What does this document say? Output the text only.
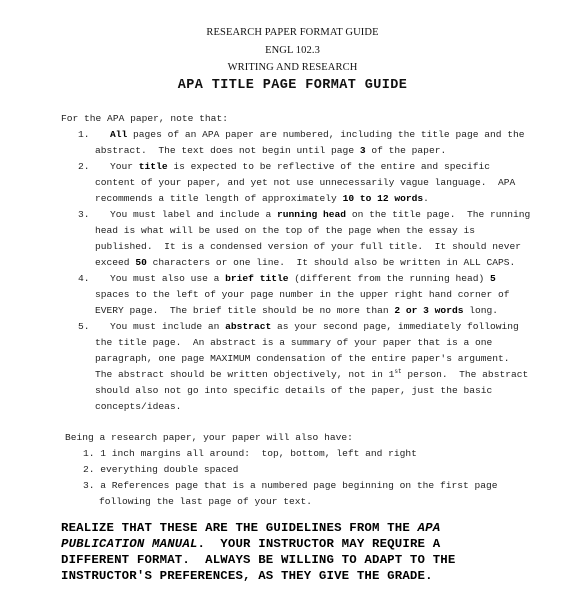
RESEARCH PAPER FORMAT GUIDE
ENGL 102.3
WRITING AND RESEARCH
APA TITLE PAGE FORMAT GUIDE
For the APA paper, note that:
1. All pages of an APA paper are numbered, including the title page and the
abstract.  The text does not begin until page 3 of the paper.
2. Your title is expected to be reflective of the entire and specific
content of your paper, and yet not use unnecessarily vague language.  APA
recommends a title length of approximately 10 to 12 words.
3. You must label and include a running head on the title page.  The running
head is what will be used on the top of the page when the essay is
published.  It is a condensed version of your full title.  It should never
exceed 50 characters or one line.  It should also be written in ALL CAPS.
4. You must also use a brief title (different from the running head) 5
spaces to the left of your page number in the upper right hand corner of
EVERY page.  The brief title should be no more than 2 or 3 words long.
5. You must include an abstract as your second page, immediately following
the title page.  An abstract is a summary of your paper that is a one
paragraph, one page MAXIMUM condensation of the entire paper's argument.
The abstract should be written objectively, not in 1st person.  The abstract
should also not go into specific details of the paper, just the basic
concepts/ideas.
Being a research paper, your paper will also have:
1. 1 inch margins all around:  top, bottom, left and right
2. everything double spaced
3. a References page that is a numbered page beginning on the first page
following the last page of your text.
REALIZE THAT THESE ARE THE GUIDELINES FROM THE APA
PUBLICATION MANUAL.  YOUR INSTRUCTOR MAY REQUIRE A
DIFFERENT FORMAT.  ALWAYS BE WILLING TO ADAPT TO THE
INSTRUCTOR'S PREFERENCES, AS THEY GIVE THE GRADE.
